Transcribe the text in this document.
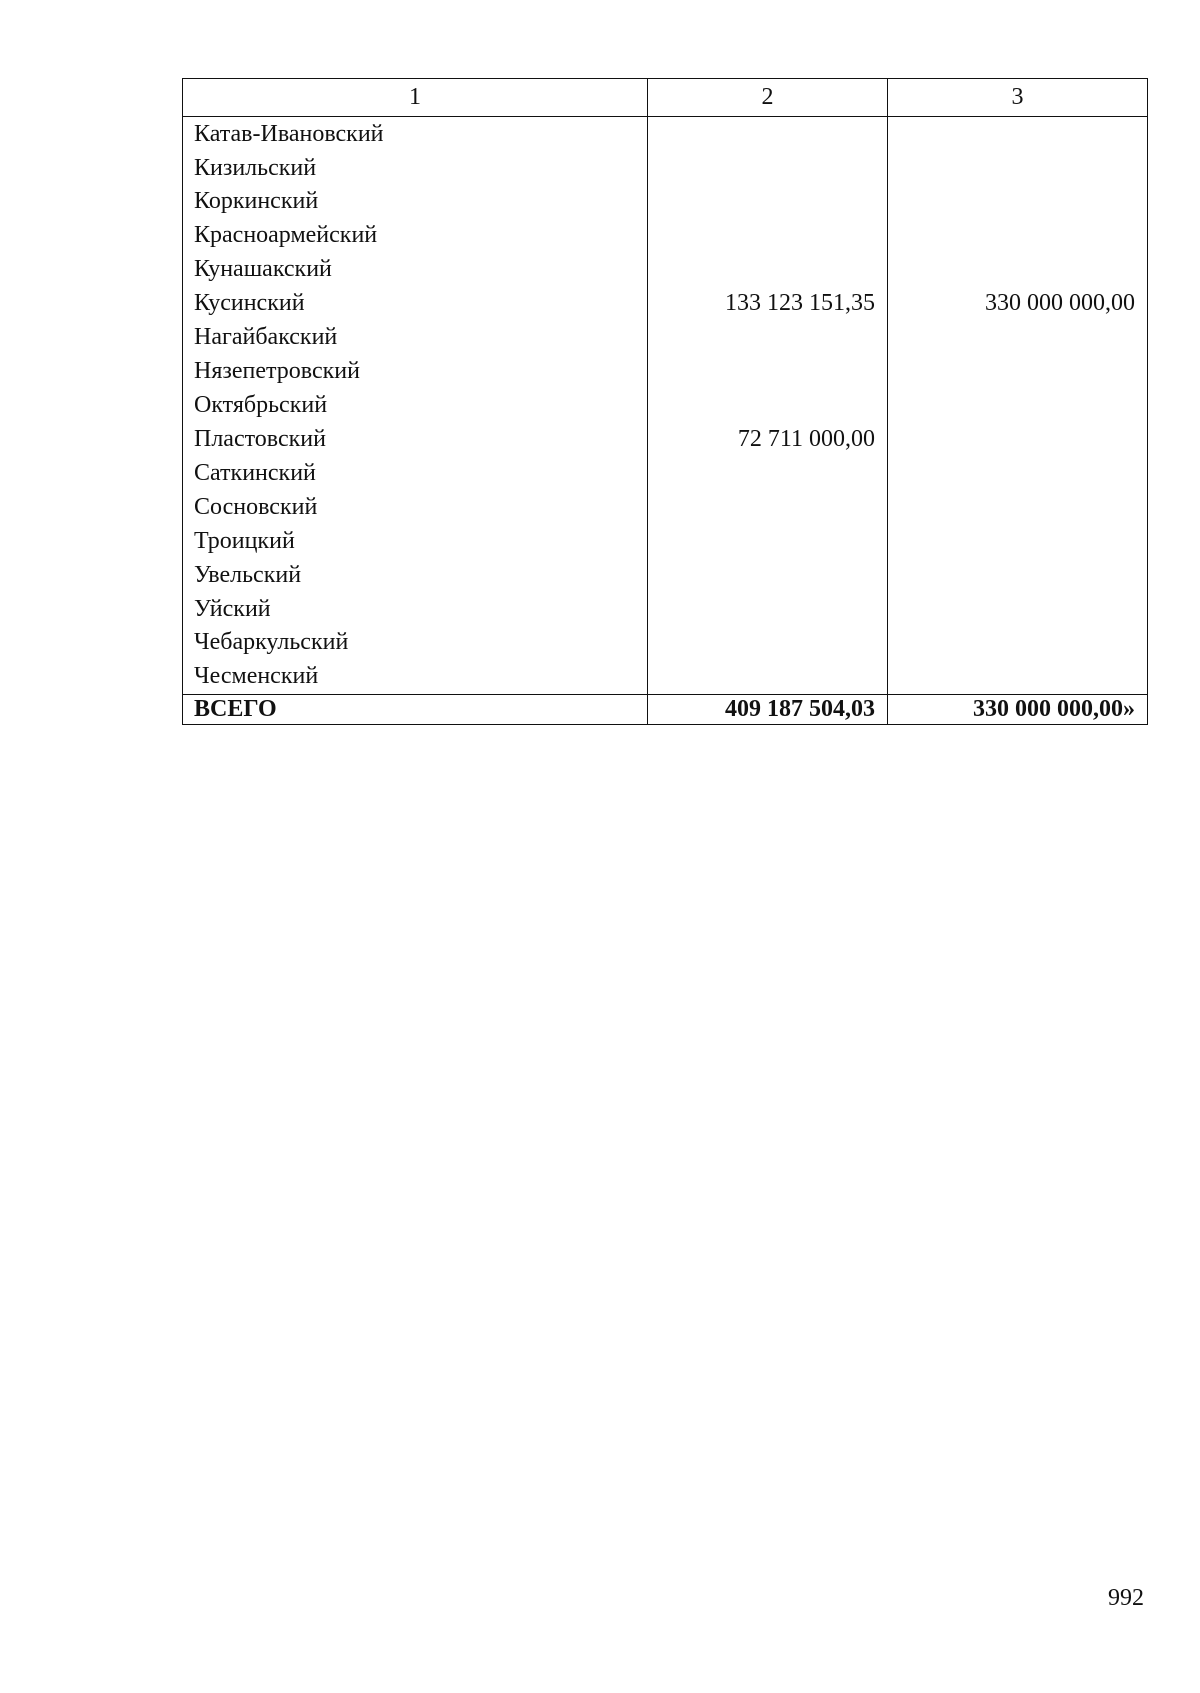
1	2	3
Катав-Ивановский		
Кизильский		
Коркинский		
Красноармейский		
Кунашакский		
Кусинский	133 123 151,35	330 000 000,00
Нагайбакский		
Нязепетровский		
Октябрьский		
Пластовский	72 711 000,00	
Саткинский		
Сосновский		
Троицкий		
Увельский		
Уйский		
Чебаркульский		
Чесменский		
ВСЕГО	409 187 504,03	330 000 000,00»
992
